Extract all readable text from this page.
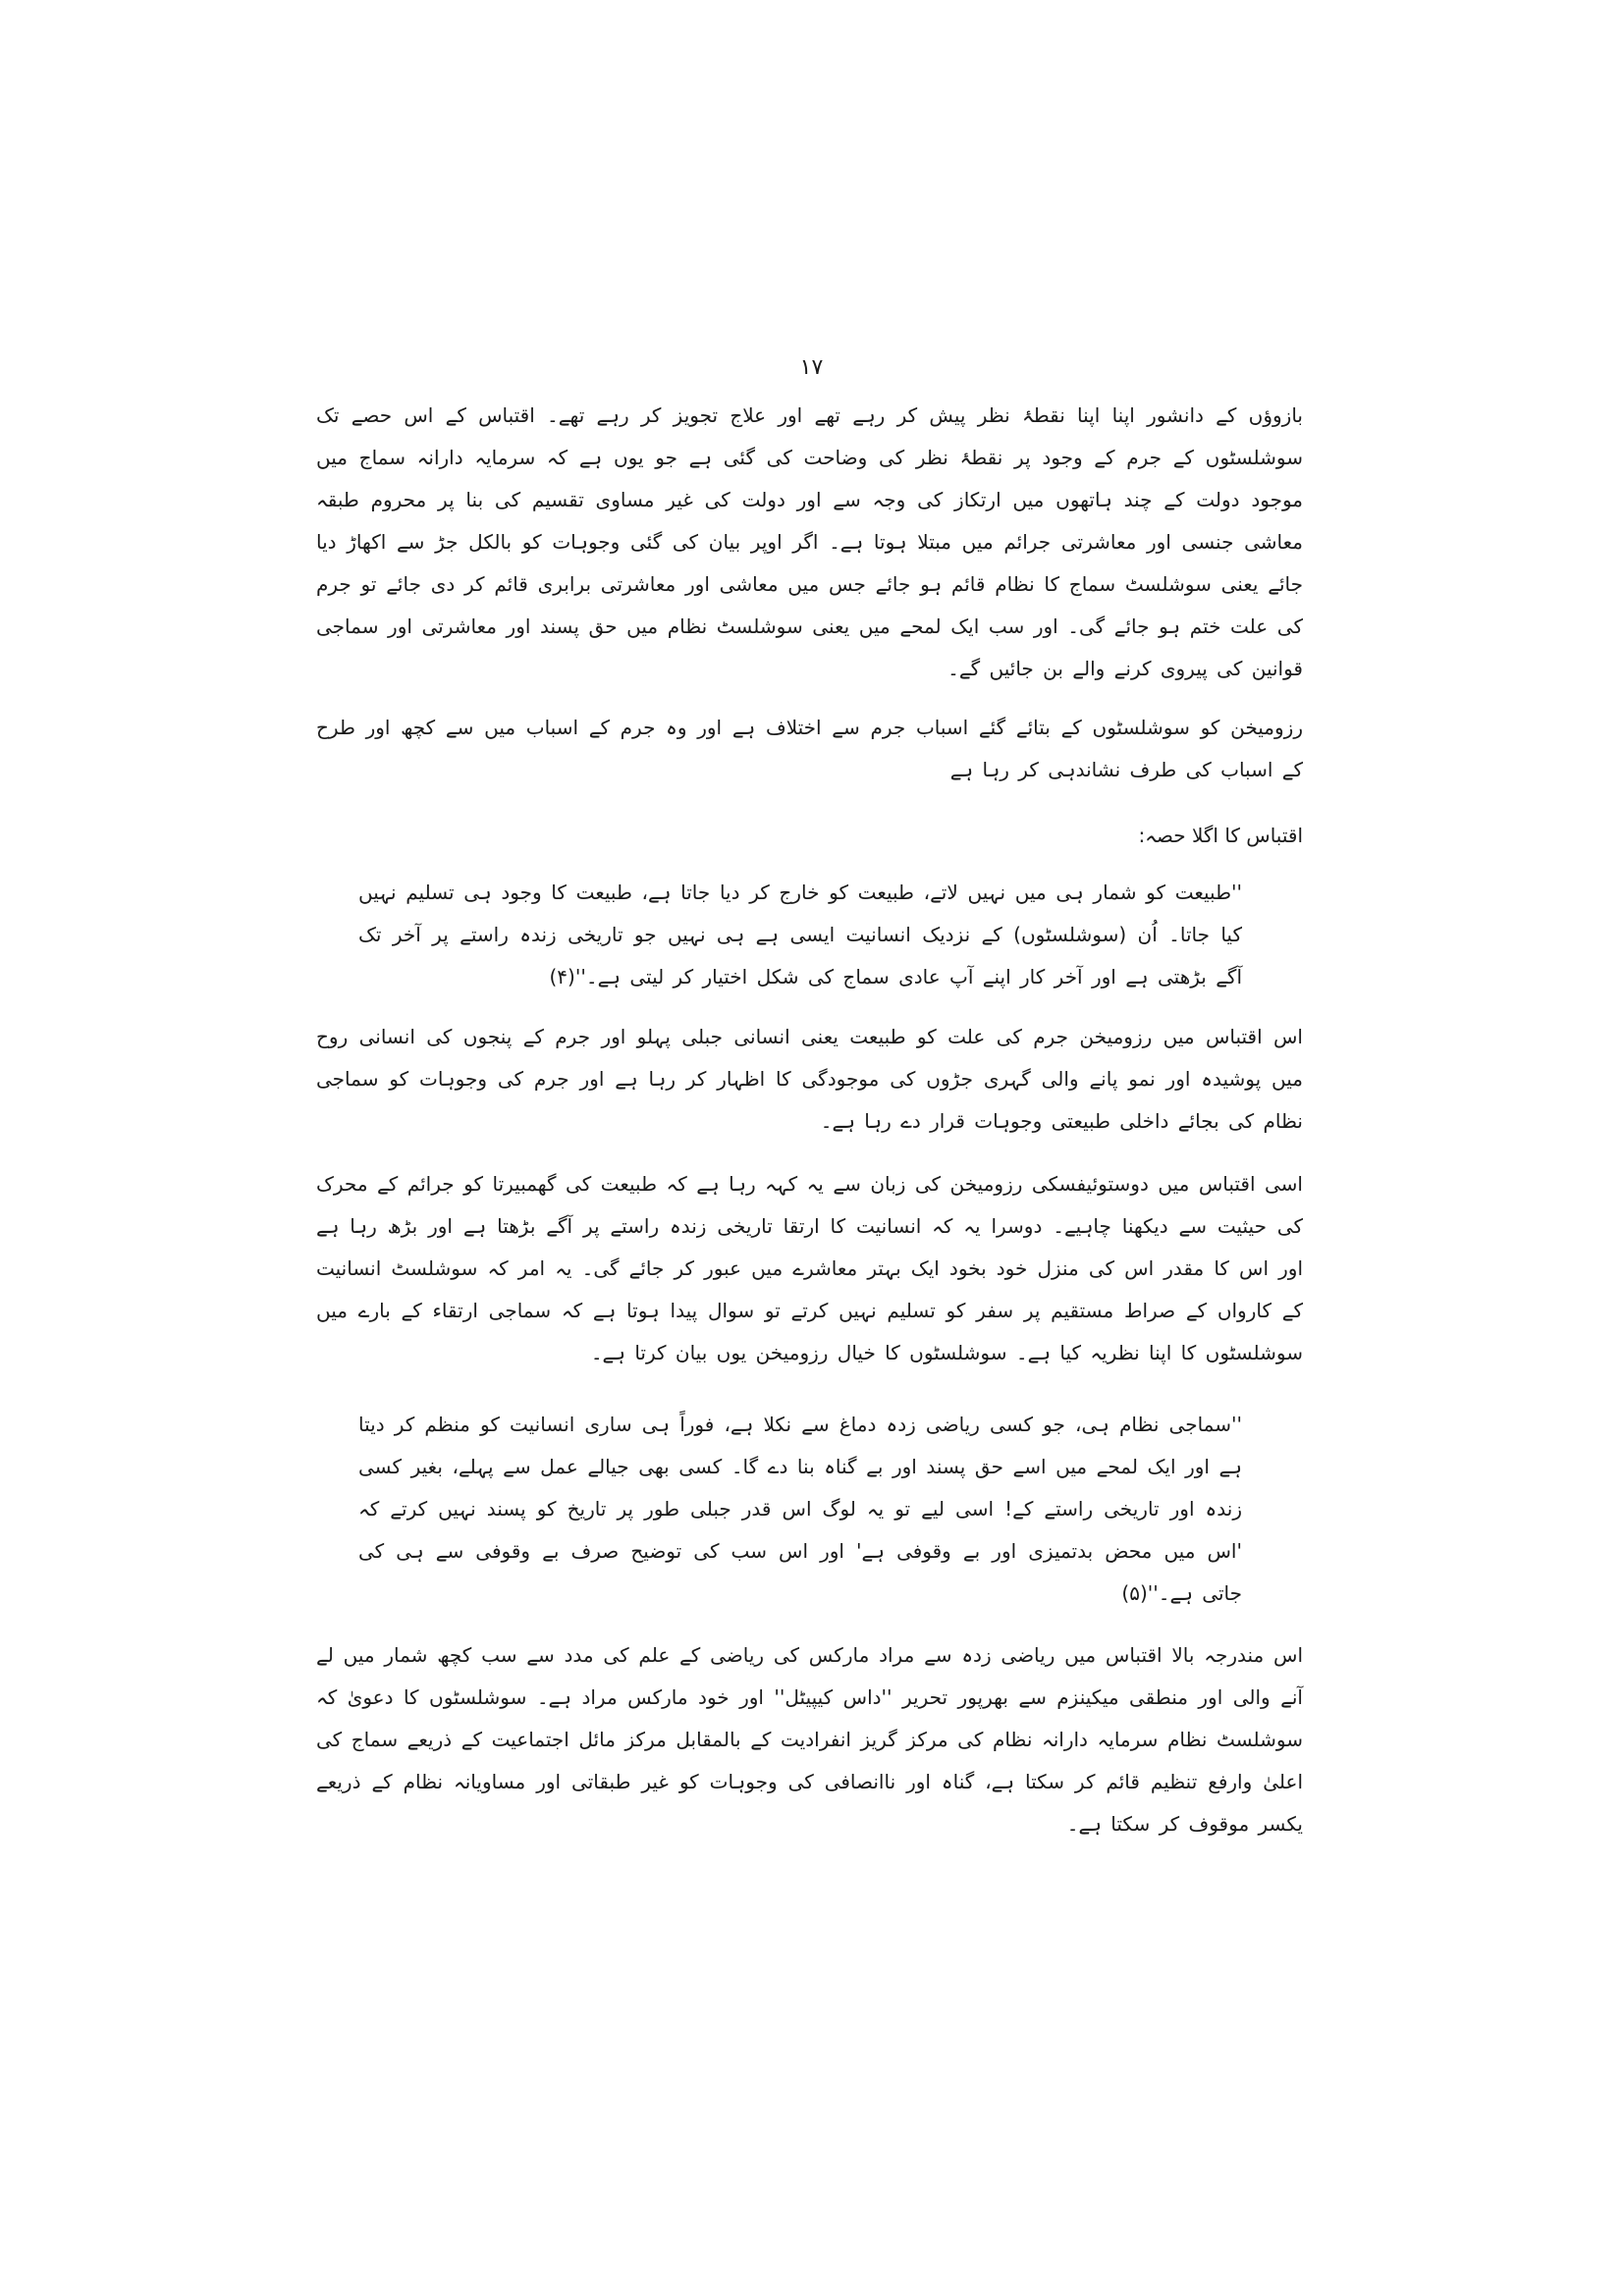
١٧

بازوؤں کے دانشور اپنا اپنا نقطۂ نظر پیش کر رہے تھے اور علاج تجویز کر رہے تھے۔ اقتباس کے اس حصے تک سوشلسٹوں کے جرم کے وجود پر نقطۂ نظر کی وضاحت کی گئی ہے جو یوں ہے کہ سرمایہ دارانہ سماج میں موجود دولت کے چند ہاتھوں میں ارتکاز کی وجہ سے اور دولت کی غیر مساوی تقسیم کی بنا پر محروم طبقہ معاشی جنسی اور معاشرتی جرائم میں مبتلا ہوتا ہے۔ اگر اوپر بیان کی گئی وجوہات کو بالکل جڑ سے اکھاڑ دیا جائے یعنی سوشلسٹ سماج کا نظام قائم ہو جائے جس میں معاشی اور معاشرتی برابری قائم کر دی جائے تو جرم کی علت ختم ہو جائے گی۔ اور سب ایک لمحے میں یعنی سوشلسٹ نظام میں حق پسند اور معاشرتی اور سماجی قوانین کی پیروی کرنے والے بن جائیں گے۔

رزومیخن کو سوشلسٹوں کے بتائے گئے اسباب جرم سے اختلاف ہے اور وہ جرم کے اسباب میں سے کچھ اور طرح کے اسباب کی طرف نشاندہی کر رہا ہے

اقتباس کا اگلا حصہ:

''طبیعت کو شمار ہی میں نہیں لاتے، طبیعت کو خارج کر دیا جاتا ہے، طبیعت کا وجود ہی تسلیم نہیں کیا جاتا۔ اُن (سوشلسٹوں) کے نزدیک انسانیت ایسی ہے ہی نہیں جو تاریخی زندہ راستے پر آخر تک آگے بڑھتی ہے اور آخر کار اپنے آپ عادی سماج کی شکل اختیار کر لیتی ہے۔''(۴)

اس اقتباس میں رزومیخن جرم کی علت کو طبیعت یعنی انسانی جبلی پہلو اور جرم کے پنجوں کی انسانی روح میں پوشیدہ اور نمو پانے والی گہری جڑوں کی موجودگی کا اظہار کر رہا ہے اور جرم کی وجوہات کو سماجی نظام کی بجائے داخلی طبیعتی وجوہات قرار دے رہا ہے۔

اسی اقتباس میں دوستوئیفسکی رزومیخن کی زبان سے یہ کہہ رہا ہے کہ طبیعت کی گھمبیرتا کو جرائم کے محرک کی حیثیت سے دیکھنا چاہیے۔ دوسرا یہ کہ انسانیت کا ارتقا تاریخی زندہ راستے پر آگے بڑھتا ہے اور بڑھ رہا ہے اور اس کا مقدر اس کی منزل خود بخود ایک بہتر معاشرے میں عبور کر جائے گی۔ یہ امر کہ سوشلسٹ انسانیت کے کارواں کے صراط مستقیم پر سفر کو تسلیم نہیں کرتے تو سوال پیدا ہوتا ہے کہ سماجی ارتقاء کے بارے میں سوشلسٹوں کا اپنا نظریہ کیا ہے۔ سوشلسٹوں کا خیال رزومیخن یوں بیان کرتا ہے۔

''سماجی نظام ہی، جو کسی ریاضی زدہ دماغ سے نکلا ہے، فوراً ہی ساری انسانیت کو منظم کر دیتا ہے اور ایک لمحے میں اسے حق پسند اور بے گناہ بنا دے گا۔ کسی بھی جیالے عمل سے پہلے، بغیر کسی زندہ اور تاریخی راستے کے! اسی لیے تو یہ لوگ اس قدر جبلی طور پر تاریخ کو پسند نہیں کرتے کہ 'اس میں محض بدتمیزی اور بے وقوفی ہے' اور اس سب کی توضیح صرف بے وقوفی سے ہی کی جاتی ہے۔''(۵)

اس مندرجہ بالا اقتباس میں ریاضی زدہ سے مراد مارکس کی ریاضی کے علم کی مدد سے سب کچھ شمار میں لے آنے والی اور منطقی میکینزم سے بھرپور تحریر ''داس کیپیٹل'' اور خود مارکس مراد ہے۔ سوشلسٹوں کا دعویٰ کہ سوشلسٹ نظام سرمایہ دارانہ نظام کی مرکز گریز انفرادیت کے بالمقابل مرکز مائل اجتماعیت کے ذریعے سماج کی اعلیٰ وارفع تنظیم قائم کر سکتا ہے، گناہ اور ناانصافی کی وجوہات کو غیر طبقاتی اور مساویانہ نظام کے ذریعے یکسر موقوف کر سکتا ہے۔
